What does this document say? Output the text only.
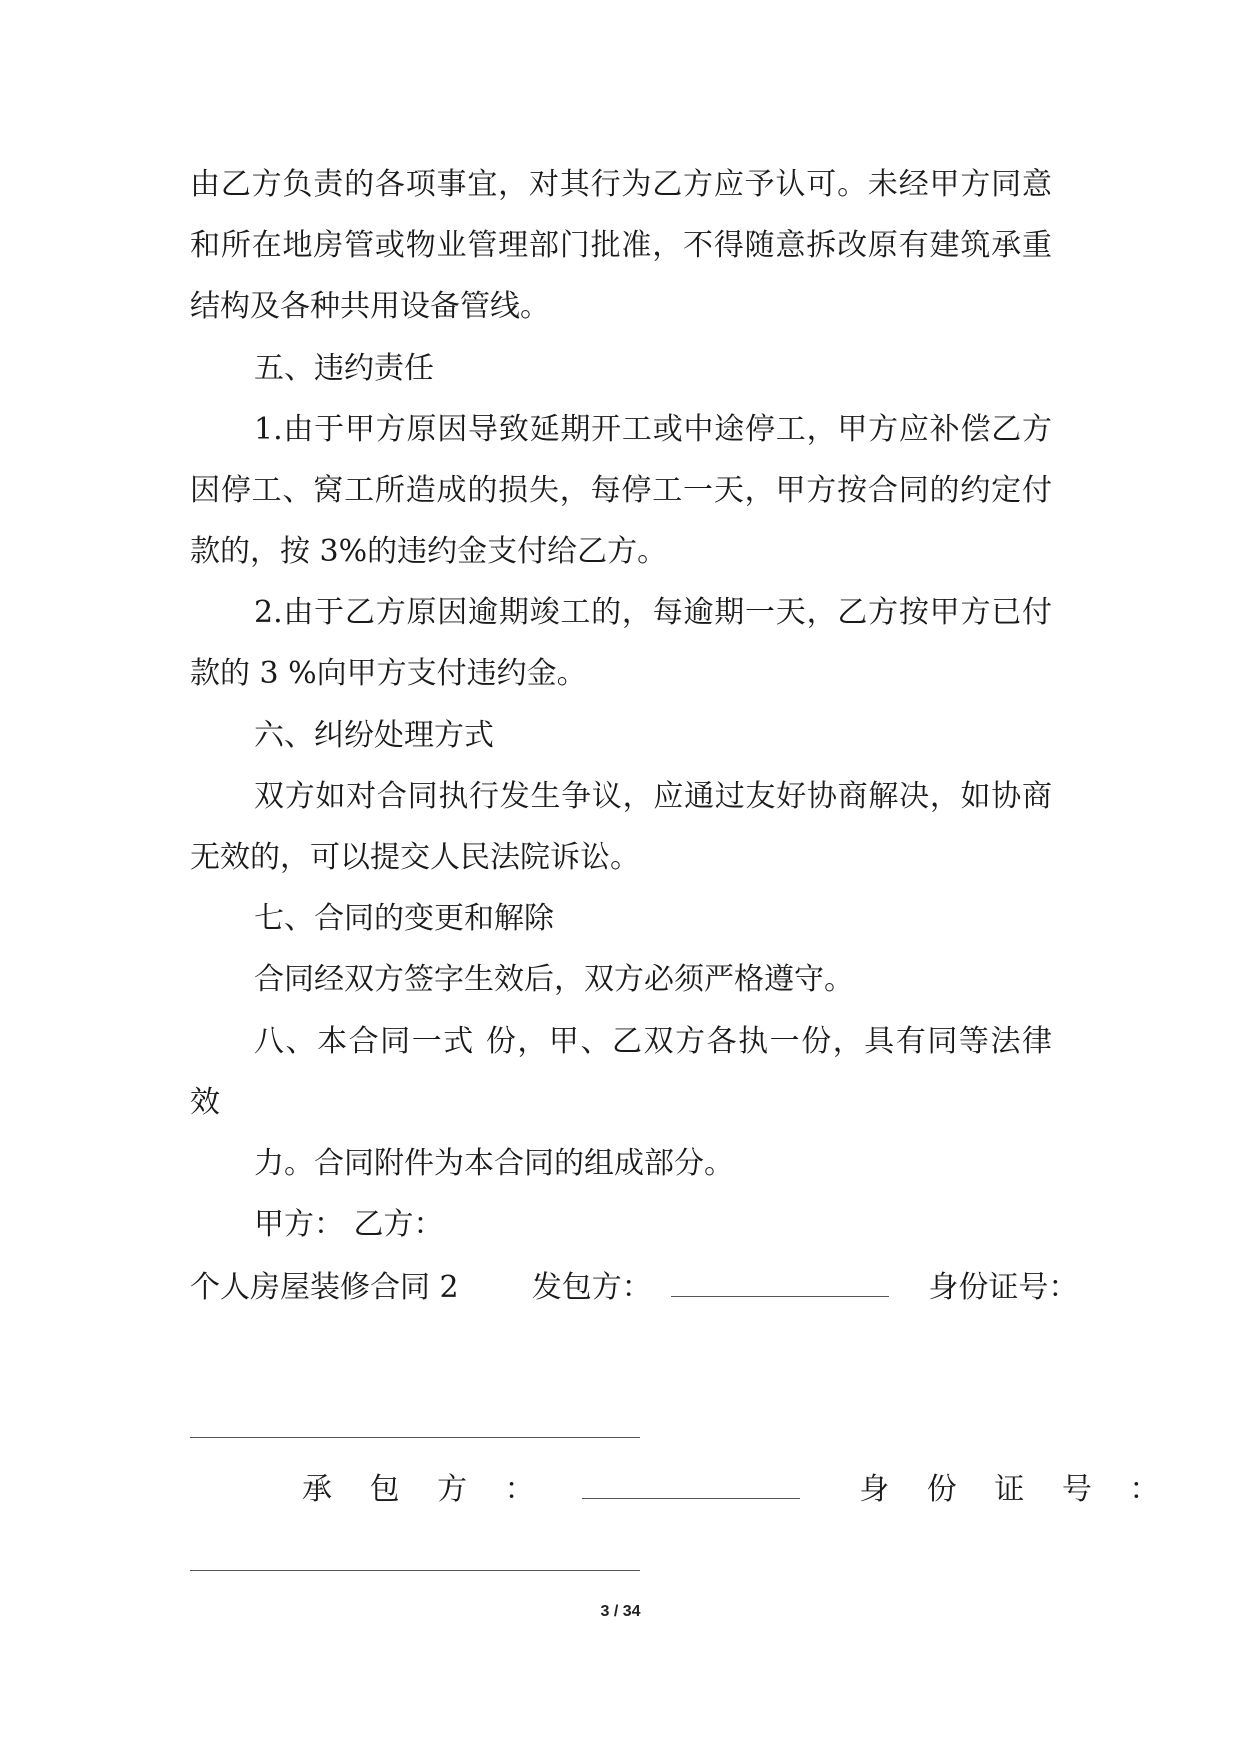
由乙方负责的各项事宜，对其行为乙方应予认可。未经甲方同意
和所在地房管或物业管理部门批准，不得随意拆改原有建筑承重
结构及各种共用设备管线。
五、违约责任
1.由于甲方原因导致延期开工或中途停工，甲方应补偿乙方
因停工、窝工所造成的损失，每停工一天，甲方按合同的约定付
款的，按 3%的违约金支付给乙方。
2.由于乙方原因逾期竣工的，每逾期一天，乙方按甲方已付
款的 3 %向甲方支付违约金。
六、纠纷处理方式
双方如对合同执行发生争议，应通过友好协商解决，如协商
无效的，可以提交人民法院诉讼。
七、合同的变更和解除
合同经双方签字生效后，双方必须严格遵守。
八、本合同一式 份，甲、乙双方各执一份，具有同等法律
效
力。合同附件为本合同的组成部分。
甲方： 乙方：
个人房屋装修合同 2 发包方：	身份证号：
承 包 方 ：	身 份 证 号 ：
3 / 34
